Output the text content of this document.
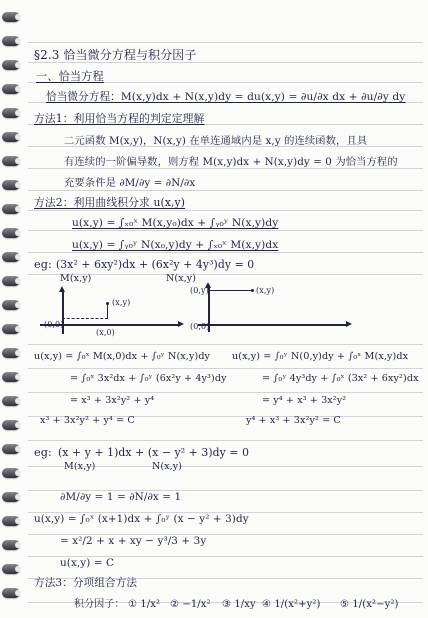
§2.3 恰当微分方程与积分因子
一、恰当方程
恰当微分方程：M(x,y)dx + N(x,y)dy = du(x,y) = ∂u/∂x dx + ∂u/∂y dy
方法1：利用恰当方程的判定定理解
二元函数 M(x,y)，N(x,y) 在单连通域内是 x,y 的连续函数，且具
有连续的一阶偏导数，则方程 M(x,y)dx + N(x,y)dy = 0 为恰当方程的
充要条件是 ∂M/∂y = ∂N/∂x
方法2：利用曲线积分求 u(x,y)
u(x,y) = ∫ₓ₀ˣ M(x,y₀)dx + ∫ᵧ₀ʸ N(x,y)dy
u(x,y) = ∫ᵧ₀ʸ N(x₀,y)dy + ∫ₓ₀ˣ M(x,y)dx
eg: (3x² + 6xy²)dx + (6x²y + 4y³)dy = 0
M(x,y)	N(x,y)
(0,0)
(x,0)
(x,y)
(0,y)
(0,0)
(x,y)
u(x,y) = ∫₀ˣ M(x,0)dx + ∫₀ʸ N(x,y)dy
= ∫₀ˣ 3x²dx + ∫₀ʸ (6x²y + 4y³)dy
= x³ + 3x²y² + y⁴
x³ + 3x²y² + y⁴ = C
u(x,y) = ∫₀ʸ N(0,y)dy + ∫₀ˣ M(x,y)dx
= ∫₀ʸ 4y³dy + ∫₀ˣ (3x² + 6xy²)dx
= y⁴ + x³ + 3x²y²
y⁴ + x³ + 3x²y² = C
eg: (x + y + 1)dx + (x − y² + 3)dy = 0
M(x,y)	N(x,y)
∂M/∂y = 1 = ∂N/∂x = 1
u(x,y) = ∫₀ˣ (x+1)dx + ∫₀ʸ (x − y² + 3)dy
= x²/2 + x + xy − y³/3 + 3y
u(x,y) = C
方法3：分项组合方法
积分因子： ① 1/x² ② −1/x² ③ 1/xy ④ 1/(x²+y²) ⑤ 1/(x²−y²)
